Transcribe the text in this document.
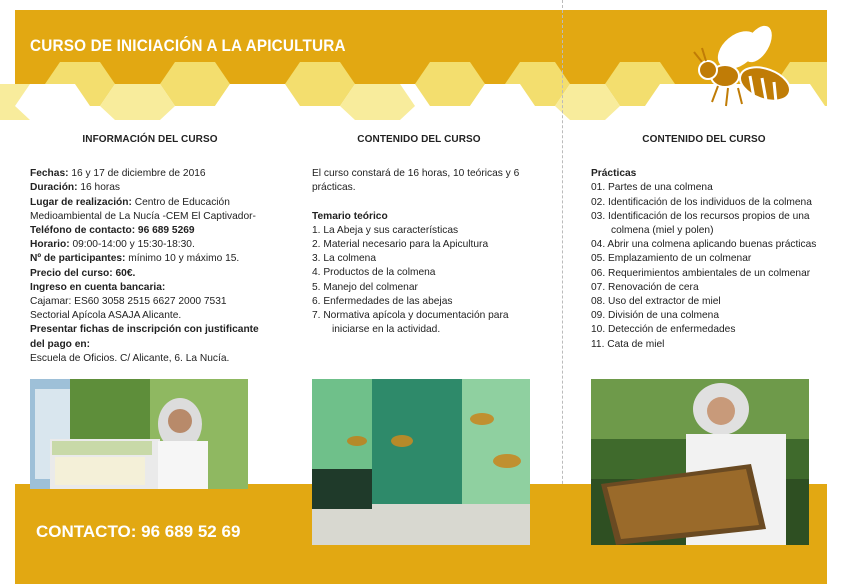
CURSO DE INICIACIÓN A LA APICULTURA
INFORMACIÓN DEL CURSO

Fechas: 16 y 17 de diciembre de 2016

Duración: 16 horas

Lugar de realización: Centro de Educación Medioambiental de La Nucía -CEM El Captivador-

Teléfono de contacto: 96 689 5269

Horario: 09:00-14:00 y 15:30-18:30.

Nº de participantes: mínimo 10 y máximo 15.

Precio del curso: 60€.

Ingreso en cuenta bancaria:

Cajamar: ES60 3058 2515 6627 2000 7531

Sectorial Apícola ASAJA Alicante.

Presentar fichas de inscripción con justificante del pago en:

Escuela de Oficios. C/ Alicante, 6. La Nucía.

CONTENIDO DEL CURSO

El curso constará de 16 horas, 10 teóricas y 6 prácticas.

Temario teórico

1. La Abeja y sus características
2. Material necesario para la Apicultura
3. La colmena
4. Productos de la colmena
5. Manejo del colmenar
6. Enfermedades de las abejas
7. Normativa apícola y documentación para iniciarse en la actividad.
CONTENIDO DEL CURSO

Prácticas

01. Partes de una colmena
02. Identificación de los individuos de la colmena
03. Identificación de los recursos propios de una colmena (miel y polen)
04. Abrir una colmena aplicando buenas prácticas
05. Emplazamiento de un colmenar
06. Requerimientos ambientales de un colmenar
07. Renovación de cera
08. Uso del extractor de miel
09. División de una colmena
10. Detección de enfermedades
11. Cata de miel
CONTACTO: 96 689 52 69
